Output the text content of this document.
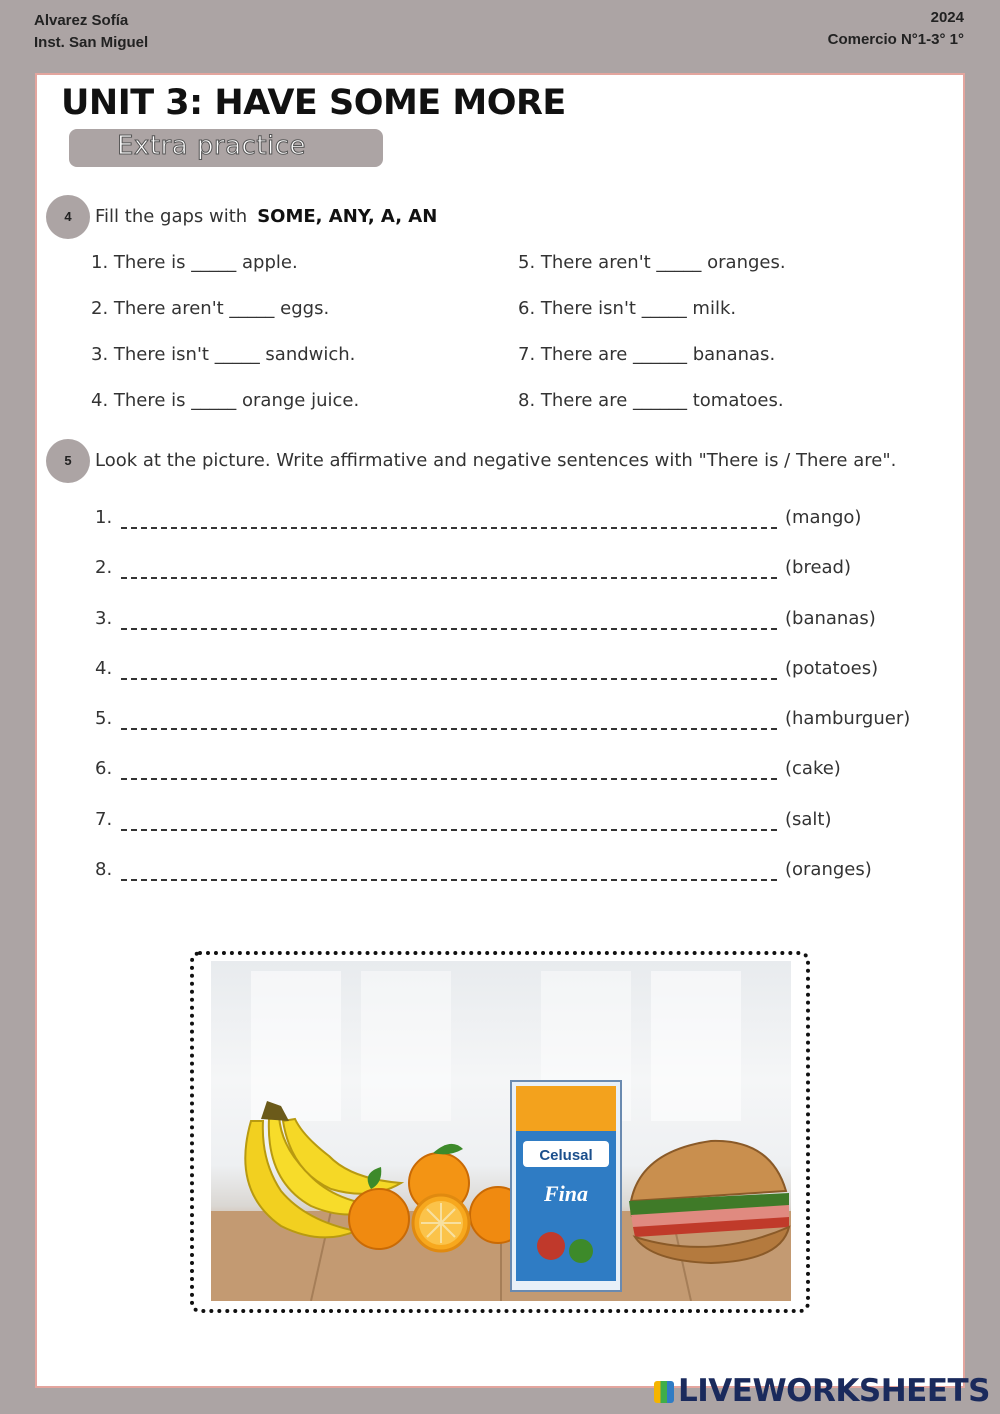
Alvarez Sofía
Inst. San Miguel
2024
Comercio N°1-3° 1°
UNIT 3: HAVE SOME MORE
Extra practice
4	Fill the gaps with SOME, ANY, A, AN
1. There is _____ apple.
2. There aren't _____ eggs.
3. There isn't _____ sandwich.
4. There is _____ orange juice.
5. There aren't _____ oranges.
6. There isn't _____ milk.
7. There are ______ bananas.
8. There are ______ tomatoes.
5	Look at the picture. Write affirmative and negative sentences with "There is / There are".
1.	(mango)
2.	(bread)
3.	(bananas)
4.	(potatoes)
5.	(hamburguer)
6.	(cake)
7.	(salt)
8.	(oranges)
Celusal
Fina
LIVEWORKSHEETS
